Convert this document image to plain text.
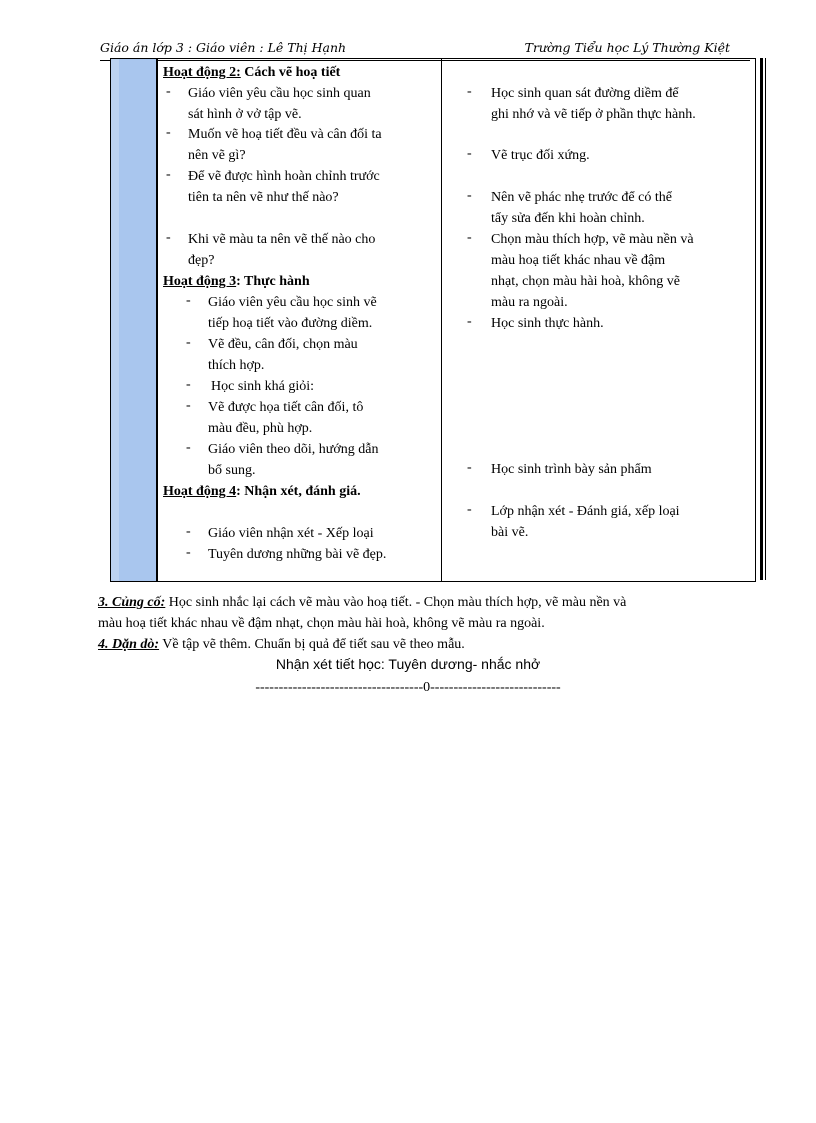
Giáo án lớp 3 : Giáo viên : Lê Thị Hạnh	Trường Tiểu học Lý Thường Kiệt
Hoạt động 2: Cách vẽ hoạ tiết
- Giáo viên yêu cầu học sinh quan
sát hình ở vở tập vẽ.
- Muốn vẽ hoạ tiết đều và cân đối ta
nên vẽ gì?
- Để vẽ được hình hoàn chỉnh trước
tiên ta nên vẽ như thế nào?
- Khi vẽ màu ta nên vẽ thế nào cho
đẹp?
Hoạt động 3: Thực hành
- Giáo viên yêu cầu học sinh vẽ
tiếp hoạ tiết vào đường diềm.
- Vẽ đều, cân đối, chọn màu
thích hợp.
- Học sinh khá giỏi:
- Vẽ được họa tiết cân đối, tô
màu đều, phù hợp.
- Giáo viên theo dõi, hướng dẫn
bổ sung.
Hoạt động 4: Nhận xét, đánh giá.
- Giáo viên nhận xét - Xếp loại
- Tuyên dương những bài vẽ đẹp.
- Học sinh quan sát đường diềm để
ghi nhớ và vẽ tiếp ở phần thực hành.
- Vẽ trục đối xứng.
- Nên vẽ phác nhẹ trước để có thể
tẩy sửa đến khi hoàn chỉnh.
- Chọn màu thích hợp, vẽ màu nền và
màu hoạ tiết khác nhau về đậm
nhạt, chọn màu hài hoà, không vẽ
màu ra ngoài.
- Học sinh thực hành.
- Học sinh trình bày sản phẩm
- Lớp nhận xét - Đánh giá, xếp loại
bài vẽ.
3. Củng cố: Học sinh nhắc lại cách vẽ màu vào hoạ tiết. - Chọn màu thích hợp, vẽ màu nền và
màu hoạ tiết khác nhau về đậm nhạt, chọn màu hài hoà, không vẽ màu ra ngoài.
4. Dặn dò: Về tập vẽ thêm. Chuẩn bị quả để tiết sau vẽ theo mẫu.
Nhận xét tiết học: Tuyên dương- nhắc nhở
------------------------------------0----------------------------
